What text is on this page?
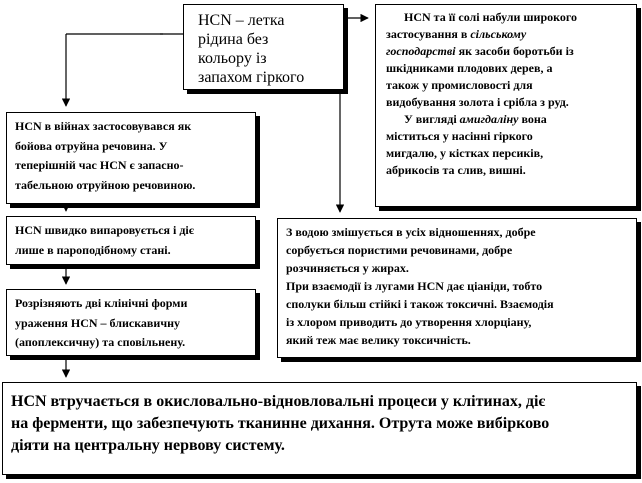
HCN – летка

рідина без

кольору із

запахом гіркого

HCN та її солі набули широкого

застосування в сільському

господарстві як засоби боротьби із

шкідниками плодових дерев, а

також у промисловості для

видобування золота і срібла з руд.

У вигляді амигдаліну вона

міститься у насінні гіркого

мигдалю, у кістках персиків,

абрикосів та слив, вишні.

HCN в війнах застосовувався як

бойова отруйна речовина. У

теперішній час HCN є запасно-

табельною отруйною речовиною.

HCN швидко випаровується і діє

лише в пароподібному стані.

Розрізняють дві клінічні форми

ураження HCN – блискавичну

(апоплексичну) та сповільнену.

З водою змішується в усіх відношеннях, добре

сорбується пористими речовинами, добре

розчиняється у жирах.

При взаємодії із лугами HCN дає ціаніди, тобто

сполуки більш стійкі і також токсичні. Взаємодія

із хлором приводить до утворення хлорціану,

який теж має велику токсичність.

HCN втручається в окисловально-відновловальні процеси у клітинах, діє

на ферменти, що забезпечують тканинне дихання. Отрута може вибірково

діяти на центральну нервову систему.
